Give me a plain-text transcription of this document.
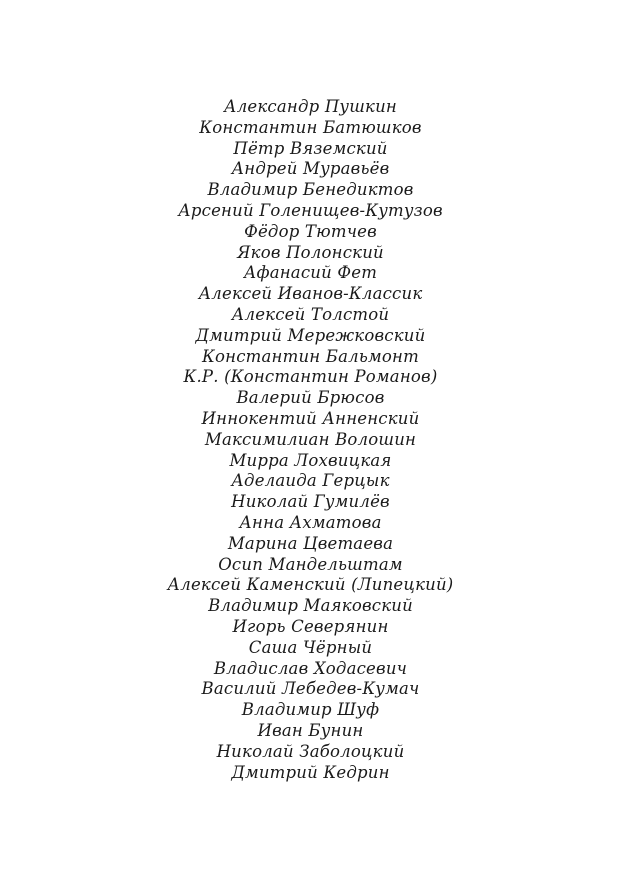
Александр Пушкин
Константин Батюшков
Пётр Вяземский
Андрей Муравьёв
Владимир Бенедиктов
Арсений Голенищев-Кутузов
Фёдор Тютчев
Яков Полонский
Афанасий Фет
Алексей Иванов-Классик
Алексей Толстой
Дмитрий Мережковский
Константин Бальмонт
К.Р. (Константин Романов)
Валерий Брюсов
Иннокентий Анненский
Максимилиан Волошин
Мирра Лохвицкая
Аделаида Герцык
Николай Гумилёв
Анна Ахматова
Марина Цветаева
Осип Мандельштам
Алексей Каменский (Липецкий)
Владимир Маяковский
Игорь Северянин
Саша Чёрный
Владислав Ходасевич
Василий Лебедев-Кумач
Владимир Шуф
Иван Бунин
Николай Заболоцкий
Дмитрий Кедрин
